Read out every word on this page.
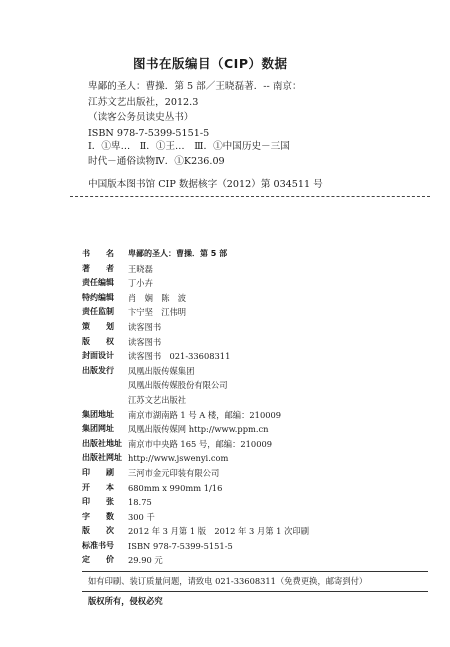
图书在版编目（CIP）数据
卑鄙的圣人：曹操．第 5 部／王晓磊著．-- 南京：
江苏文艺出版社，2012.3
（读客公务员读史丛书）
ISBN 978-7-5399-5151-5
Ⅰ．①卑…　Ⅱ．①王…　Ⅲ．①中国历史－三国
时代－通俗读物Ⅳ．①K236.09
中国版本图书馆 CIP 数据核字（2012）第 034511 号
书　　名	卑鄙的圣人：曹操．第 5 部
著　　者	王晓磊
责任编辑	丁小卉
特约编辑	肖　娴　陈　波
责任监制	卞宁坚　江伟明
策　　划	读客图书
版　　权	读客图书
封面设计	读客图书　021-33608311
出版发行	凤凰出版传媒集团
凤凰出版传媒股份有限公司
江苏文艺出版社
集团地址	南京市湖南路 1 号 A 楼，邮编：210009
集团网址	凤凰出版传媒网 http://www.ppm.cn
出版社地址 南京市中央路 165 号，邮编：210009
出版社网址 http://www.jswenyi.com
印　　刷	三河市金元印装有限公司
开　　本	680mm x 990mm 1/16
印　　张	18.75
字　　数	300 千
版　　次	2012 年 3 月第 1 版　2012 年 3 月第 1 次印刷
标准书号	ISBN 978-7-5399-5151-5
定　　价	29.90 元
如有印刷、装订质量问题，请致电 021-33608311（免费更换，邮寄到付）
版权所有，侵权必究
